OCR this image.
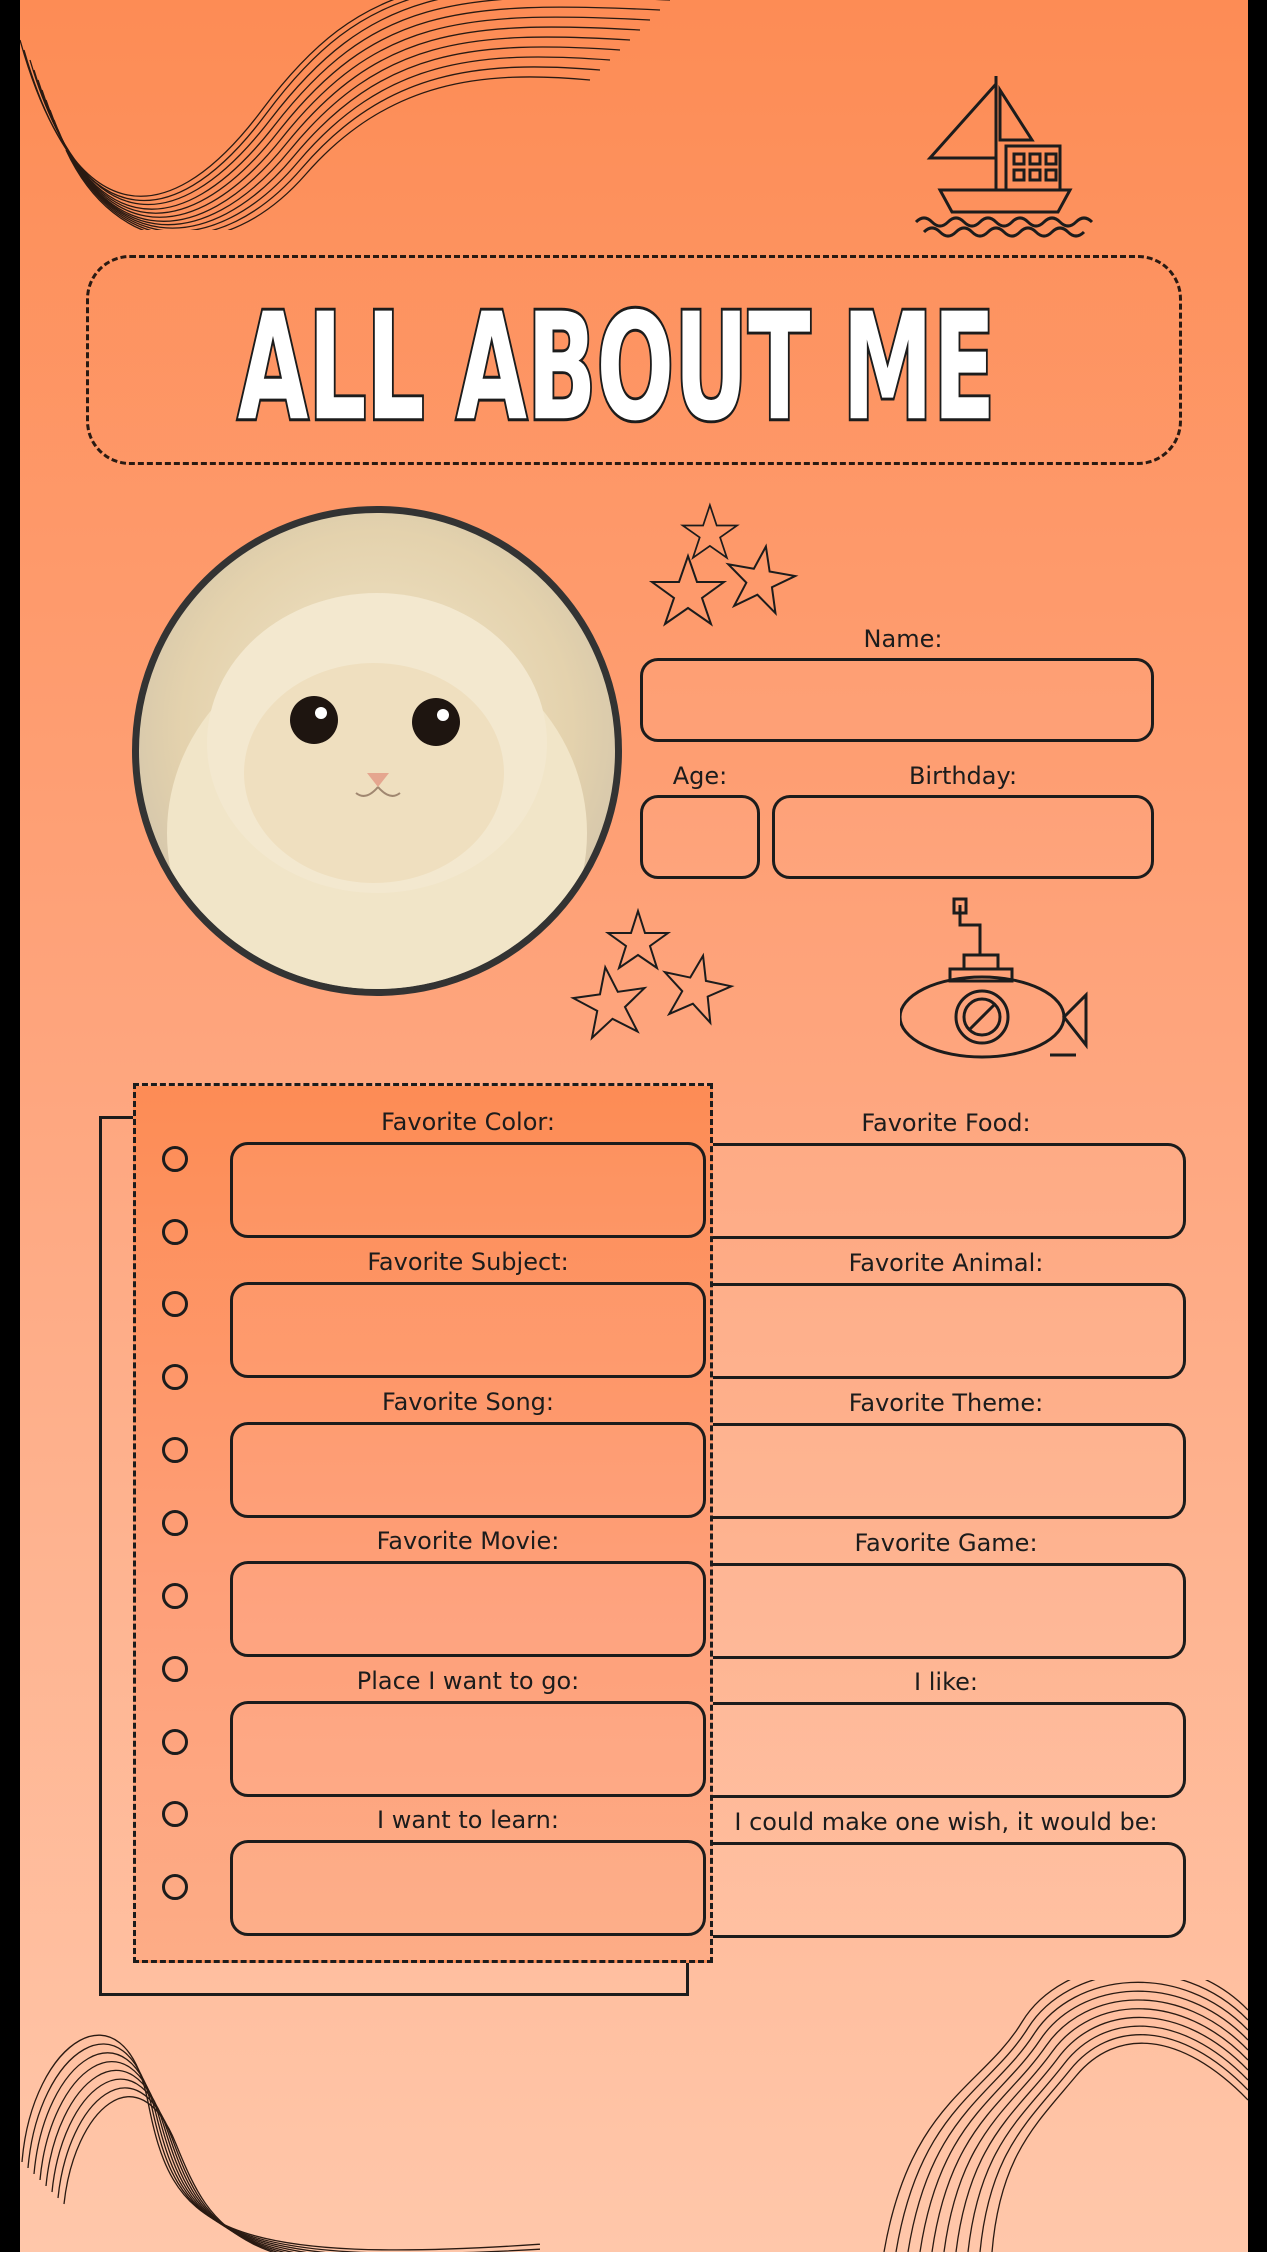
ALL ABOUT ME
Name:
Age:	Birthday:
Favorite Color:
Favorite Subject:
Favorite Song:
Favorite Movie:
Place I want to go:
I want to learn:
Favorite Food:
Favorite Animal:
Favorite Theme:
Favorite Game:
I like:
I could make one wish, it would be:
